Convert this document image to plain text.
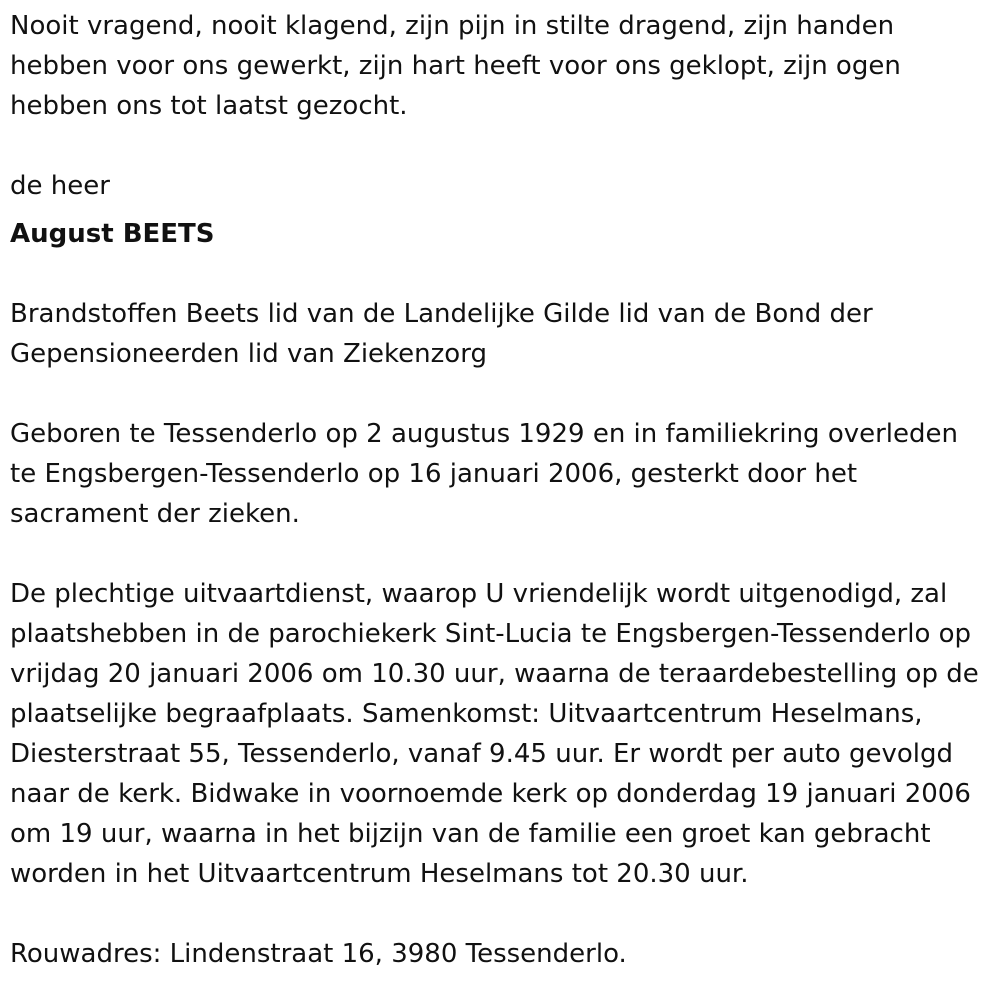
Nooit vragend, nooit klagend, zijn pijn in stilte dragend, zijn handen hebben voor ons gewerkt, zijn hart heeft voor ons geklopt, zijn ogen hebben ons tot laatst gezocht.

de heer

August BEETS

Brandstoffen Beets lid van de Landelijke Gilde lid van de Bond der Gepensioneerden lid van Ziekenzorg

Geboren te Tessenderlo op 2 augustus 1929 en in familiekring overleden te Engsbergen-Tessenderlo op 16 januari 2006, gesterkt door het sacrament der zieken.

De plechtige uitvaartdienst, waarop U vriendelijk wordt uitgenodigd, zal plaatshebben in de parochiekerk Sint-Lucia te Engsbergen-Tessenderlo op vrijdag 20 januari 2006 om 10.30 uur, waarna de teraardebestelling op de plaatselijke begraafplaats. Samenkomst: Uitvaartcentrum Heselmans, Diesterstraat 55, Tessenderlo, vanaf 9.45 uur. Er wordt per auto gevolgd naar de kerk. Bidwake in voornoemde kerk op donderdag 19 januari 2006 om 19 uur, waarna in het bijzijn van de familie een groet kan gebracht worden in het Uitvaartcentrum Heselmans tot 20.30 uur.

Rouwadres: Lindenstraat 16, 3980 Tessenderlo.
